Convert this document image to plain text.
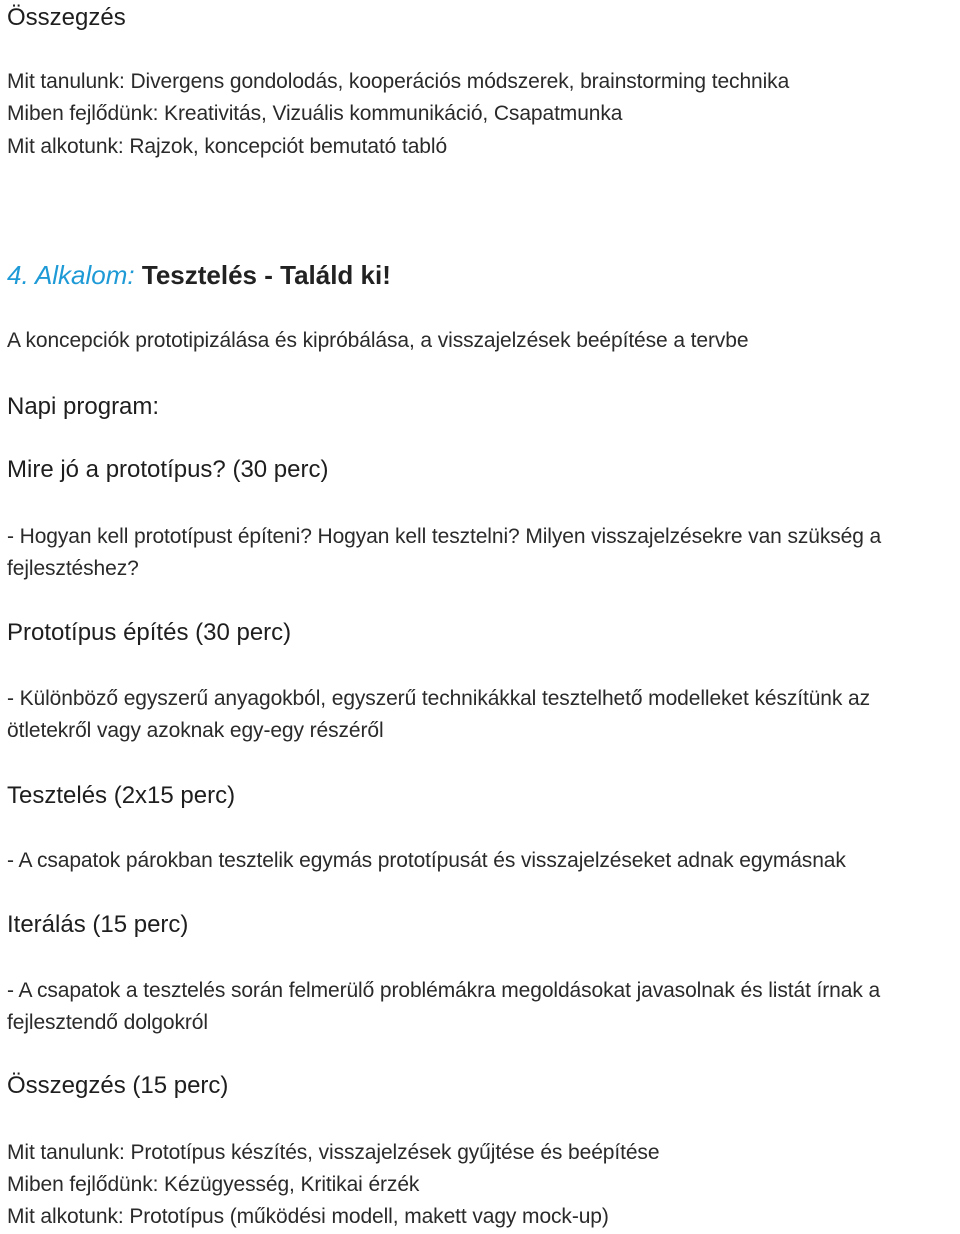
Összegzés
Mit tanulunk: Divergens gondolodás, kooperációs módszerek, brainstorming technika
Miben fejlődünk: Kreativitás, Vizuális kommunikáció, Csapatmunka
Mit alkotunk: Rajzok, koncepciót bemutató tabló
4. Alkalom: Tesztelés - Találd ki!
A koncepciók prototipizálása és kipróbálása, a visszajelzések beépítése a tervbe
Napi program:
Mire jó a prototípus? (30 perc)
- Hogyan kell prototípust építeni? Hogyan kell tesztelni? Milyen visszajelzésekre van szükség a
fejlesztéshez?
Prototípus építés (30 perc)
- Különböző egyszerű anyagokból, egyszerű technikákkal tesztelhető modelleket készítünk az
ötletekről vagy azoknak egy-egy részéről
Tesztelés (2x15 perc)
- A csapatok párokban tesztelik egymás prototípusát és visszajelzéseket adnak egymásnak
Iterálás (15 perc)
- A csapatok a tesztelés során felmerülő problémákra megoldásokat javasolnak és listát írnak a
fejlesztendő dolgokról
Összegzés (15 perc)
Mit tanulunk: Prototípus készítés, visszajelzések gyűjtése és beépítése
Miben fejlődünk: Kézügyesség, Kritikai érzék
Mit alkotunk: Prototípus (működési modell, makett vagy mock-up)
